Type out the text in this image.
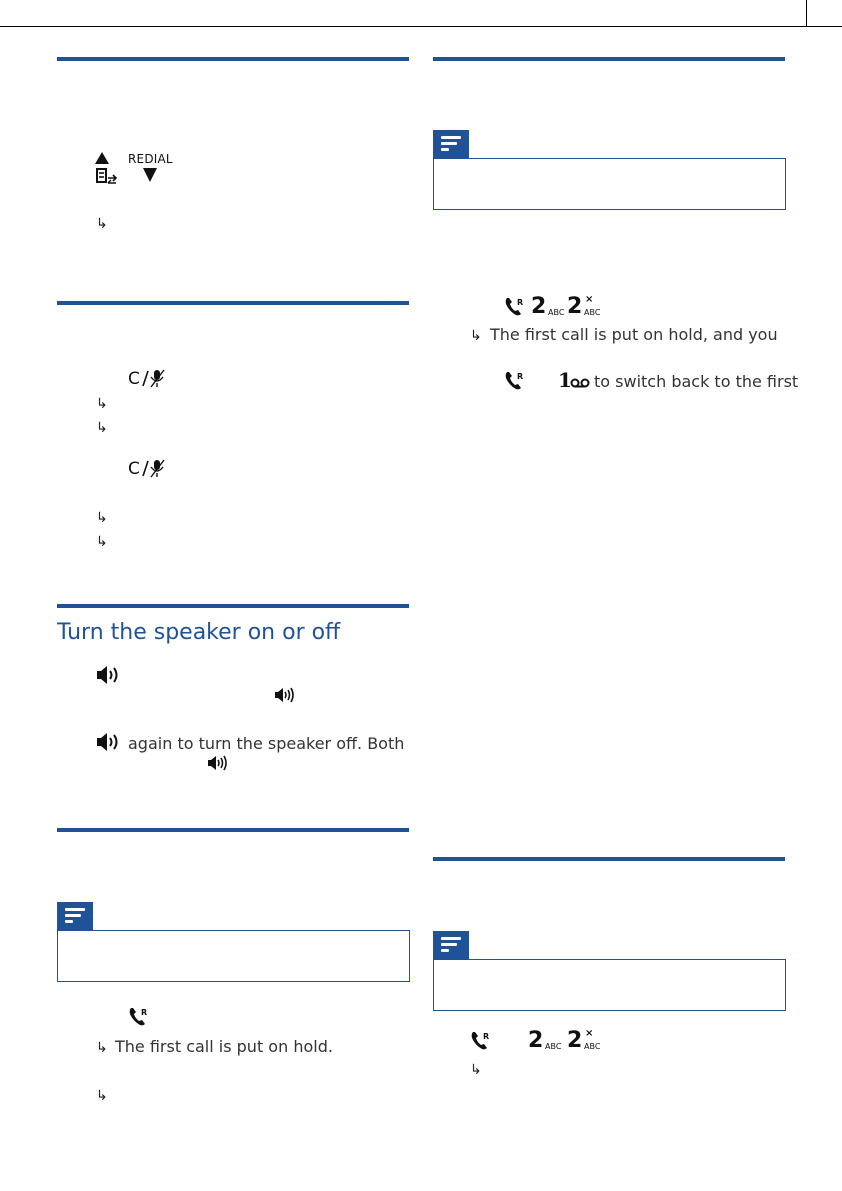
REDIAL
↳
C
↳
↳
C
↳
↳
Turn the speaker on or off
again to turn the speaker off. Both
R
↳
The first call is put on hold.
↳
R 2 ABC
×
2 ABC
↳
The first call is put on hold, and you
R 1 to switch back to the first
R 2 ABC
×
2 ABC
↳
